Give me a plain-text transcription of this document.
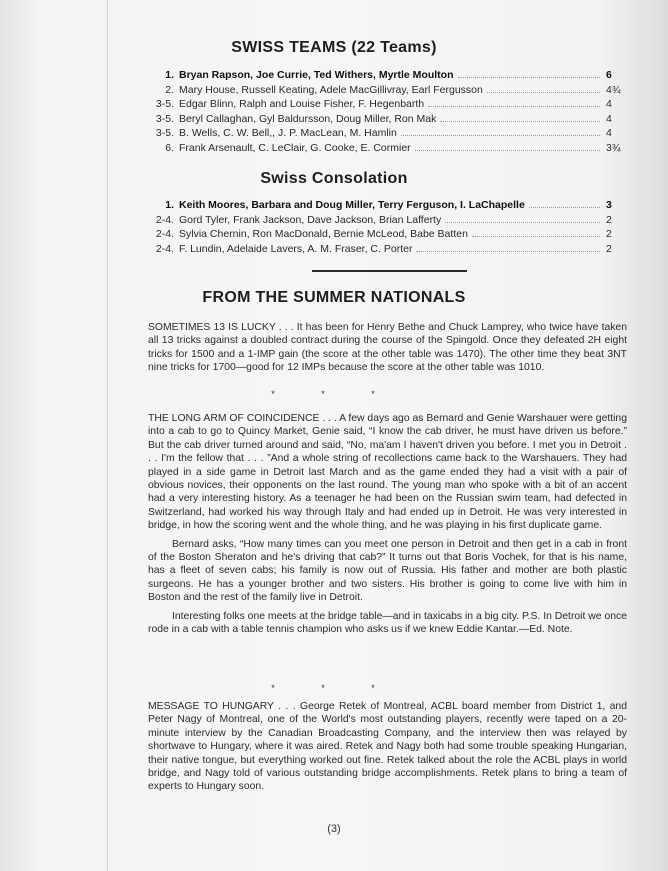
SWISS TEAMS (22 Teams)
1. Bryan Rapson, Joe Currie, Ted Withers, Myrtle Moulton	6
2. Mary House, Russell Keating, Adele MacGillivray, Earl Fergusson	4¾
3-5. Edgar Blinn, Ralph and Louise Fisher, F. Hegenbarth	4
3-5. Beryl Callaghan, Gyl Baldursson, Doug Miller, Ron Mak	4
3-5. B. Wells, C. W. Bell,, J. P. MacLean, M. Hamlin	4
6. Frank Arsenault, C. LeClair, G. Cooke, E. Cormier	3¾
Swiss Consolation
1. Keith Moores, Barbara and Doug Miller, Terry Ferguson, I. LaChapelle	3
2-4. Gord Tyler, Frank Jackson, Dave Jackson, Brian Lafferty	2
2-4. Sylvia Chernin, Ron MacDonald, Bernie McLeod, Babe Batten	2
2-4. F. Lundin, Adelaide Lavers, A. M. Fraser, C. Porter	2
FROM THE SUMMER NATIONALS

SOMETIMES 13 IS LUCKY . . . It has been for Henry Bethe and Chuck Lamprey, who twice have taken all 13 tricks against a doubled contract during the course of the Spingold. Once they defeated 2H eight tricks for 1500 and a 1-IMP gain (the score at the other table was 1470). The other time they beat 3NT nine tricks for 1700—good for 12 IMPs because the score at the other table was 1010.

* * *

THE LONG ARM OF COINCIDENCE . . . A few days ago as Bernard and Genie Warshauer were getting into a cab to go to Quincy Market, Genie said, “I know the cab driver, he must have driven us before.” But the cab driver turned around and said, “No, ma'am I haven't driven you before. I met you in Detroit . . . I'm the fellow that . . . ”And a whole string of recollections came back to the Warshauers. They had played in a side game in Detroit last March and as the game ended they had a visit with a pair of obvious novices, their opponents on the last round. The young man who spoke with a bit of an accent had a very interesting history. As a teenager he had been on the Russian swim team, had defected in Switzerland, had worked his way through Italy and had ended up in Detroit. He was very interested in bridge, in how the scoring went and the whole thing, and he was playing in his first duplicate game.

Bernard asks, “How many times can you meet one person in Detroit and then get in a cab in front of the Boston Sheraton and he's driving that cab?” It turns out that Boris Vochek, for that is his name, has a fleet of seven cabs; his family is now out of Russia. His father and mother are both plastic surgeons. He has a younger brother and two sisters. His brother is going to come live with him in Boston and the rest of the family live in Detroit.

Interesting folks one meets at the bridge table—and in taxicabs in a big city. P.S. In Detroit we once rode in a cab with a table tennis champion who asks us if we knew Eddie Kantar.—Ed. Note.

* * *

MESSAGE TO HUNGARY . . . George Retek of Montreal, ACBL board member from District 1, and Peter Nagy of Montreal, one of the World's most outstanding players, recently were taped on a 20-minute interview by the Canadian Broadcasting Company, and the interview then was relayed by shortwave to Hungary, where it was aired. Retek and Nagy both had some trouble speaking Hungarian, their native tongue, but everything worked out fine. Retek talked about the role the ACBL plays in world bridge, and Nagy told of various outstanding bridge accomplishments. Retek plans to bring a team of experts to Hungary soon.

(3)
